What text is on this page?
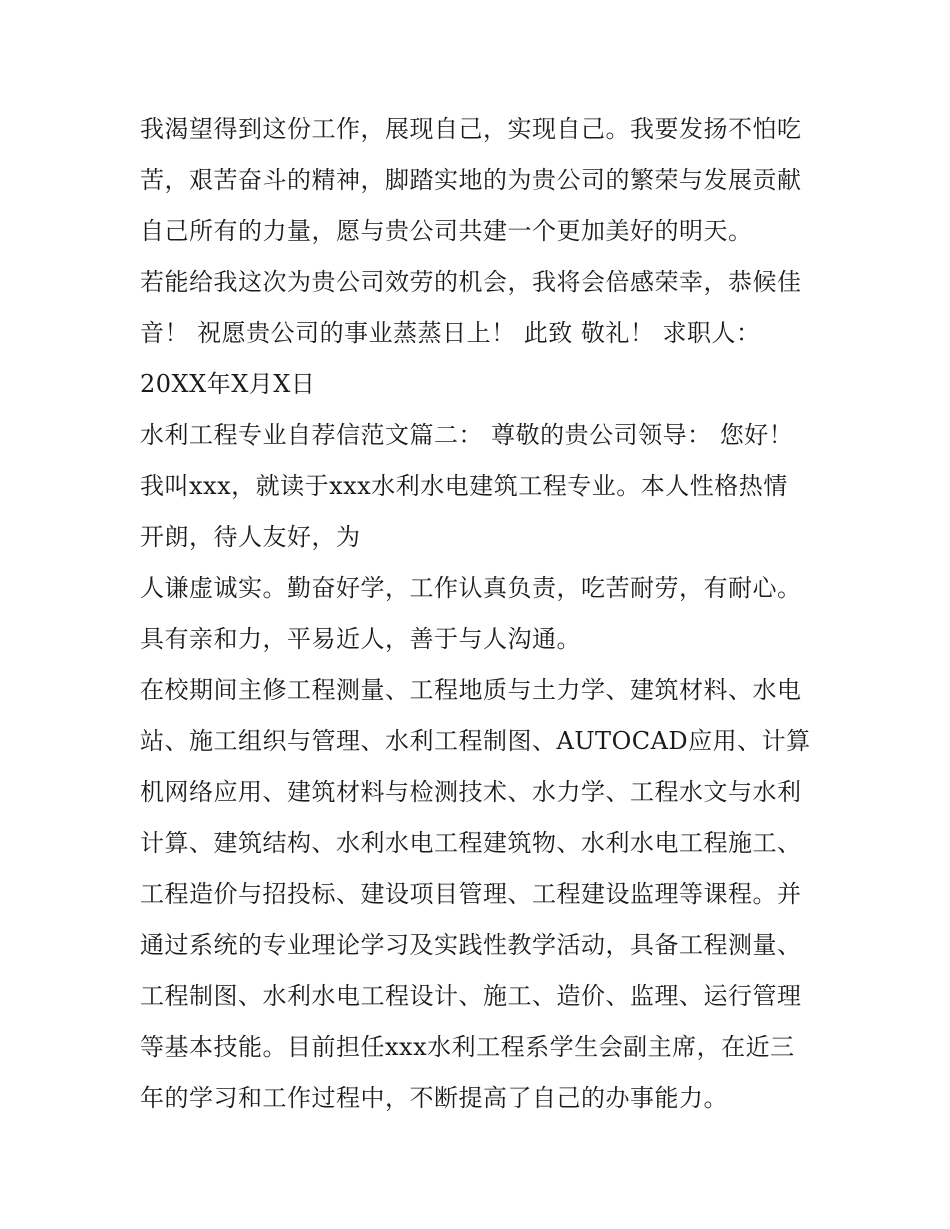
我渴望得到这份工作，展现自己，实现自己。我要发扬不怕吃
苦，艰苦奋斗的精神，脚踏实地的为贵公司的繁荣与发展贡献
自己所有的力量，愿与贵公司共建一个更加美好的明天。
若能给我这次为贵公司效劳的机会，我将会倍感荣幸，恭候佳
音！ 祝愿贵公司的事业蒸蒸日上！ 此致 敬礼！ 求职人：
20XX年X月X日
水利工程专业自荐信范文篇二： 尊敬的贵公司领导： 您好！
我叫xxx，就读于xxx水利水电建筑工程专业。本人性格热情
开朗，待人友好，为
人谦虚诚实。勤奋好学，工作认真负责，吃苦耐劳，有耐心。
具有亲和力，平易近人，善于与人沟通。
在校期间主修工程测量、工程地质与土力学、建筑材料、水电
站、施工组织与管理、水利工程制图、AUTOCAD应用、计算
机网络应用、建筑材料与检测技术、水力学、工程水文与水利
计算、建筑结构、水利水电工程建筑物、水利水电工程施工、
工程造价与招投标、建设项目管理、工程建设监理等课程。并
通过系统的专业理论学习及实践性教学活动，具备工程测量、
工程制图、水利水电工程设计、施工、造价、监理、运行管理
等基本技能。目前担任xxx水利工程系学生会副主席，在近三
年的学习和工作过程中，不断提高了自己的办事能力。
